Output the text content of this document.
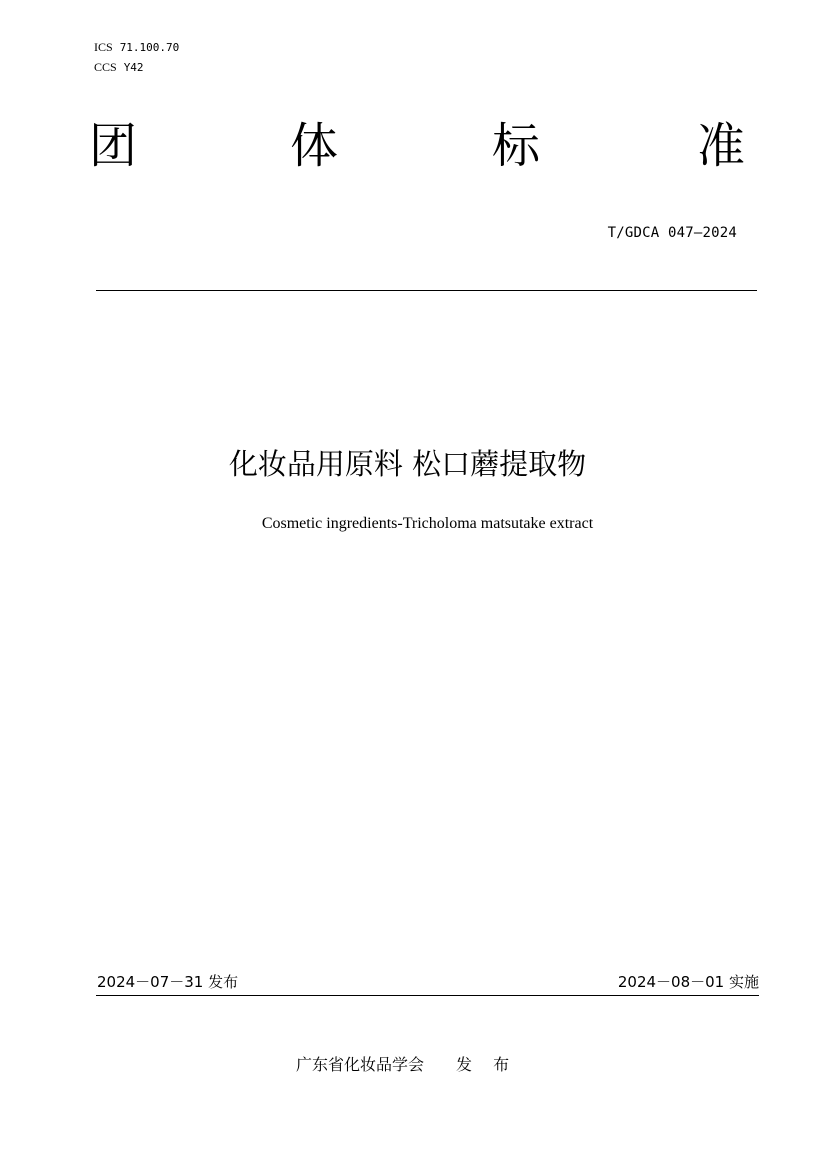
ICS 71.100.70
CCS Y42
团	体	标	准
T/GDCA 047—2024
化妆品用原料 松口蘑提取物
Cosmetic ingredients-Tricholoma matsutake extract
2024－07－31 发布	2024－08－01 实施
广东省化妆品学会 发 布
